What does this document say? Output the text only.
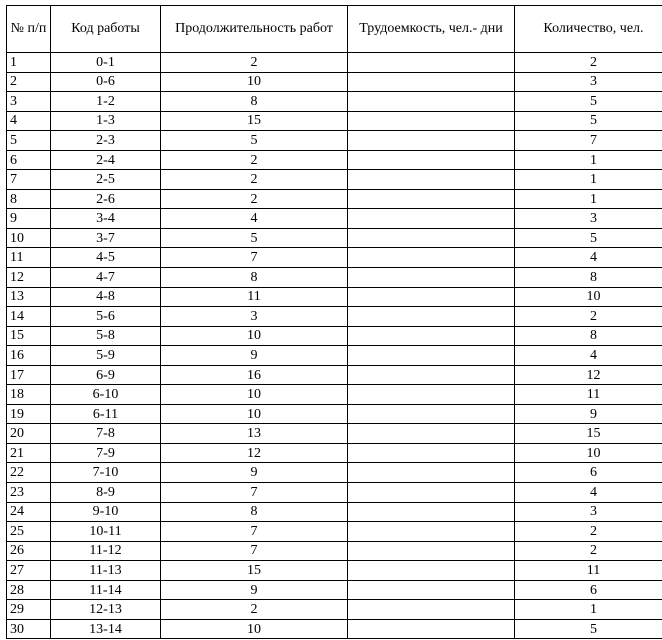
№ п/п	Код работы	Продолжительность работ	Трудоемкость, чел.- дни	Количество, чел.
1	0-1	2		2
2	0-6	10		3
3	1-2	8		5
4	1-3	15		5
5	2-3	5		7
6	2-4	2		1
7	2-5	2		1
8	2-6	2		1
9	3-4	4		3
10	3-7	5		5
11	4-5	7		4
12	4-7	8		8
13	4-8	11		10
14	5-6	3		2
15	5-8	10		8
16	5-9	9		4
17	6-9	16		12
18	6-10	10		11
19	6-11	10		9
20	7-8	13		15
21	7-9	12		10
22	7-10	9		6
23	8-9	7		4
24	9-10	8		3
25	10-11	7		2
26	11-12	7		2
27	11-13	15		11
28	11-14	9		6
29	12-13	2		1
30	13-14	10		5
